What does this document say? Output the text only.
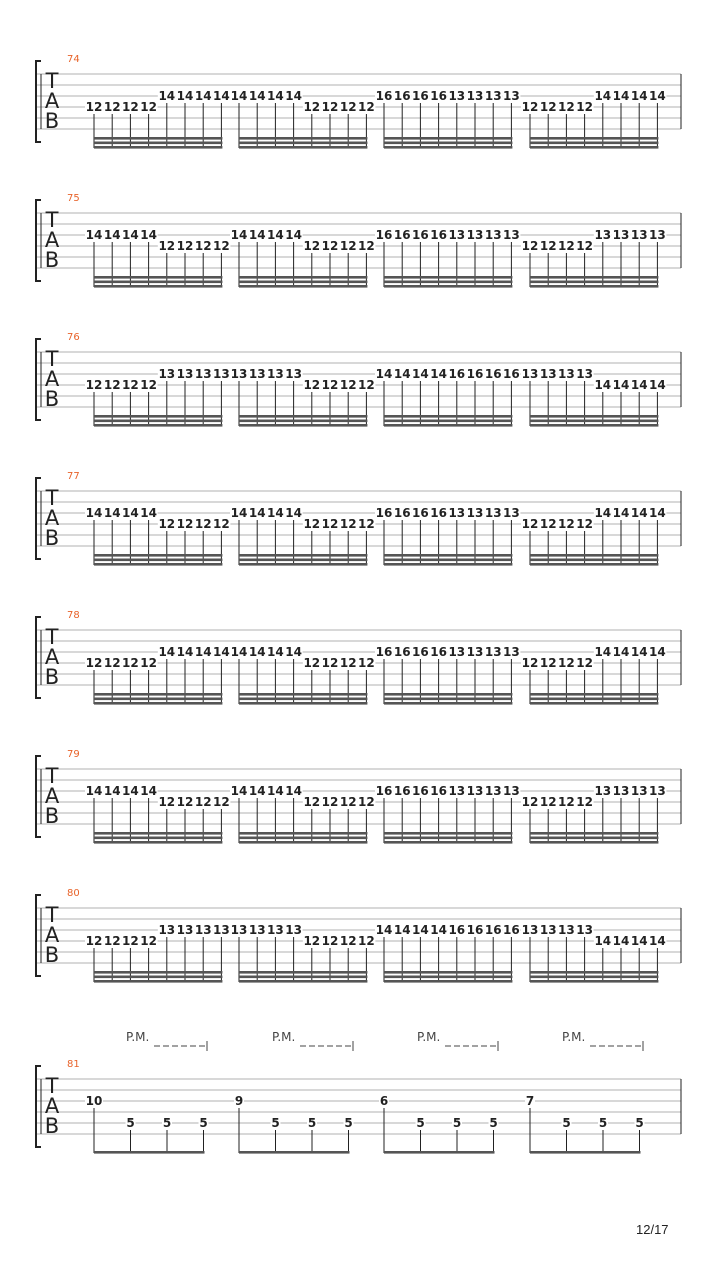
74
T
A
B
12 12 12 12
14 14 14 14 14 14 14 14
12 12 12 12
16 16 16 16 13 13 13 13
12 12 12 12
14 14 14 14
75
T
A
B
14 14 14 14
12 12 12 12
14 14 14 14
12 12 12 12
16 16 16 16 13 13 13 13
12 12 12 12
13 13 13 13
76
T
A
B
12 12 12 12
13 13 13 13 13 13 13 13
12 12 12 12
14 14 14 14 16 16 16 16 13 13 13 13
14 14 14 14
77
T
A
B
14 14 14 14
12 12 12 12
14 14 14 14
12 12 12 12
16 16 16 16 13 13 13 13
12 12 12 12
14 14 14 14
78
T
A
B
12 12 12 12
14 14 14 14 14 14 14 14
12 12 12 12
16 16 16 16 13 13 13 13
12 12 12 12
14 14 14 14
79
T
A
B
14 14 14 14
12 12 12 12
14 14 14 14
12 12 12 12
16 16 16 16 13 13 13 13
12 12 12 12
13 13 13 13
80
T
A
B
12 12 12 12
13 13 13 13 13 13 13 13
12 12 12 12
14 14 14 14 16 16 16 16 13 13 13 13
14 14 14 14
81
T
A
B
10
5 5 5
9
5 5 5
6
5 5 5
7
5 5 5
P.M.	P.M.	P.M.	P.M.
12/17
